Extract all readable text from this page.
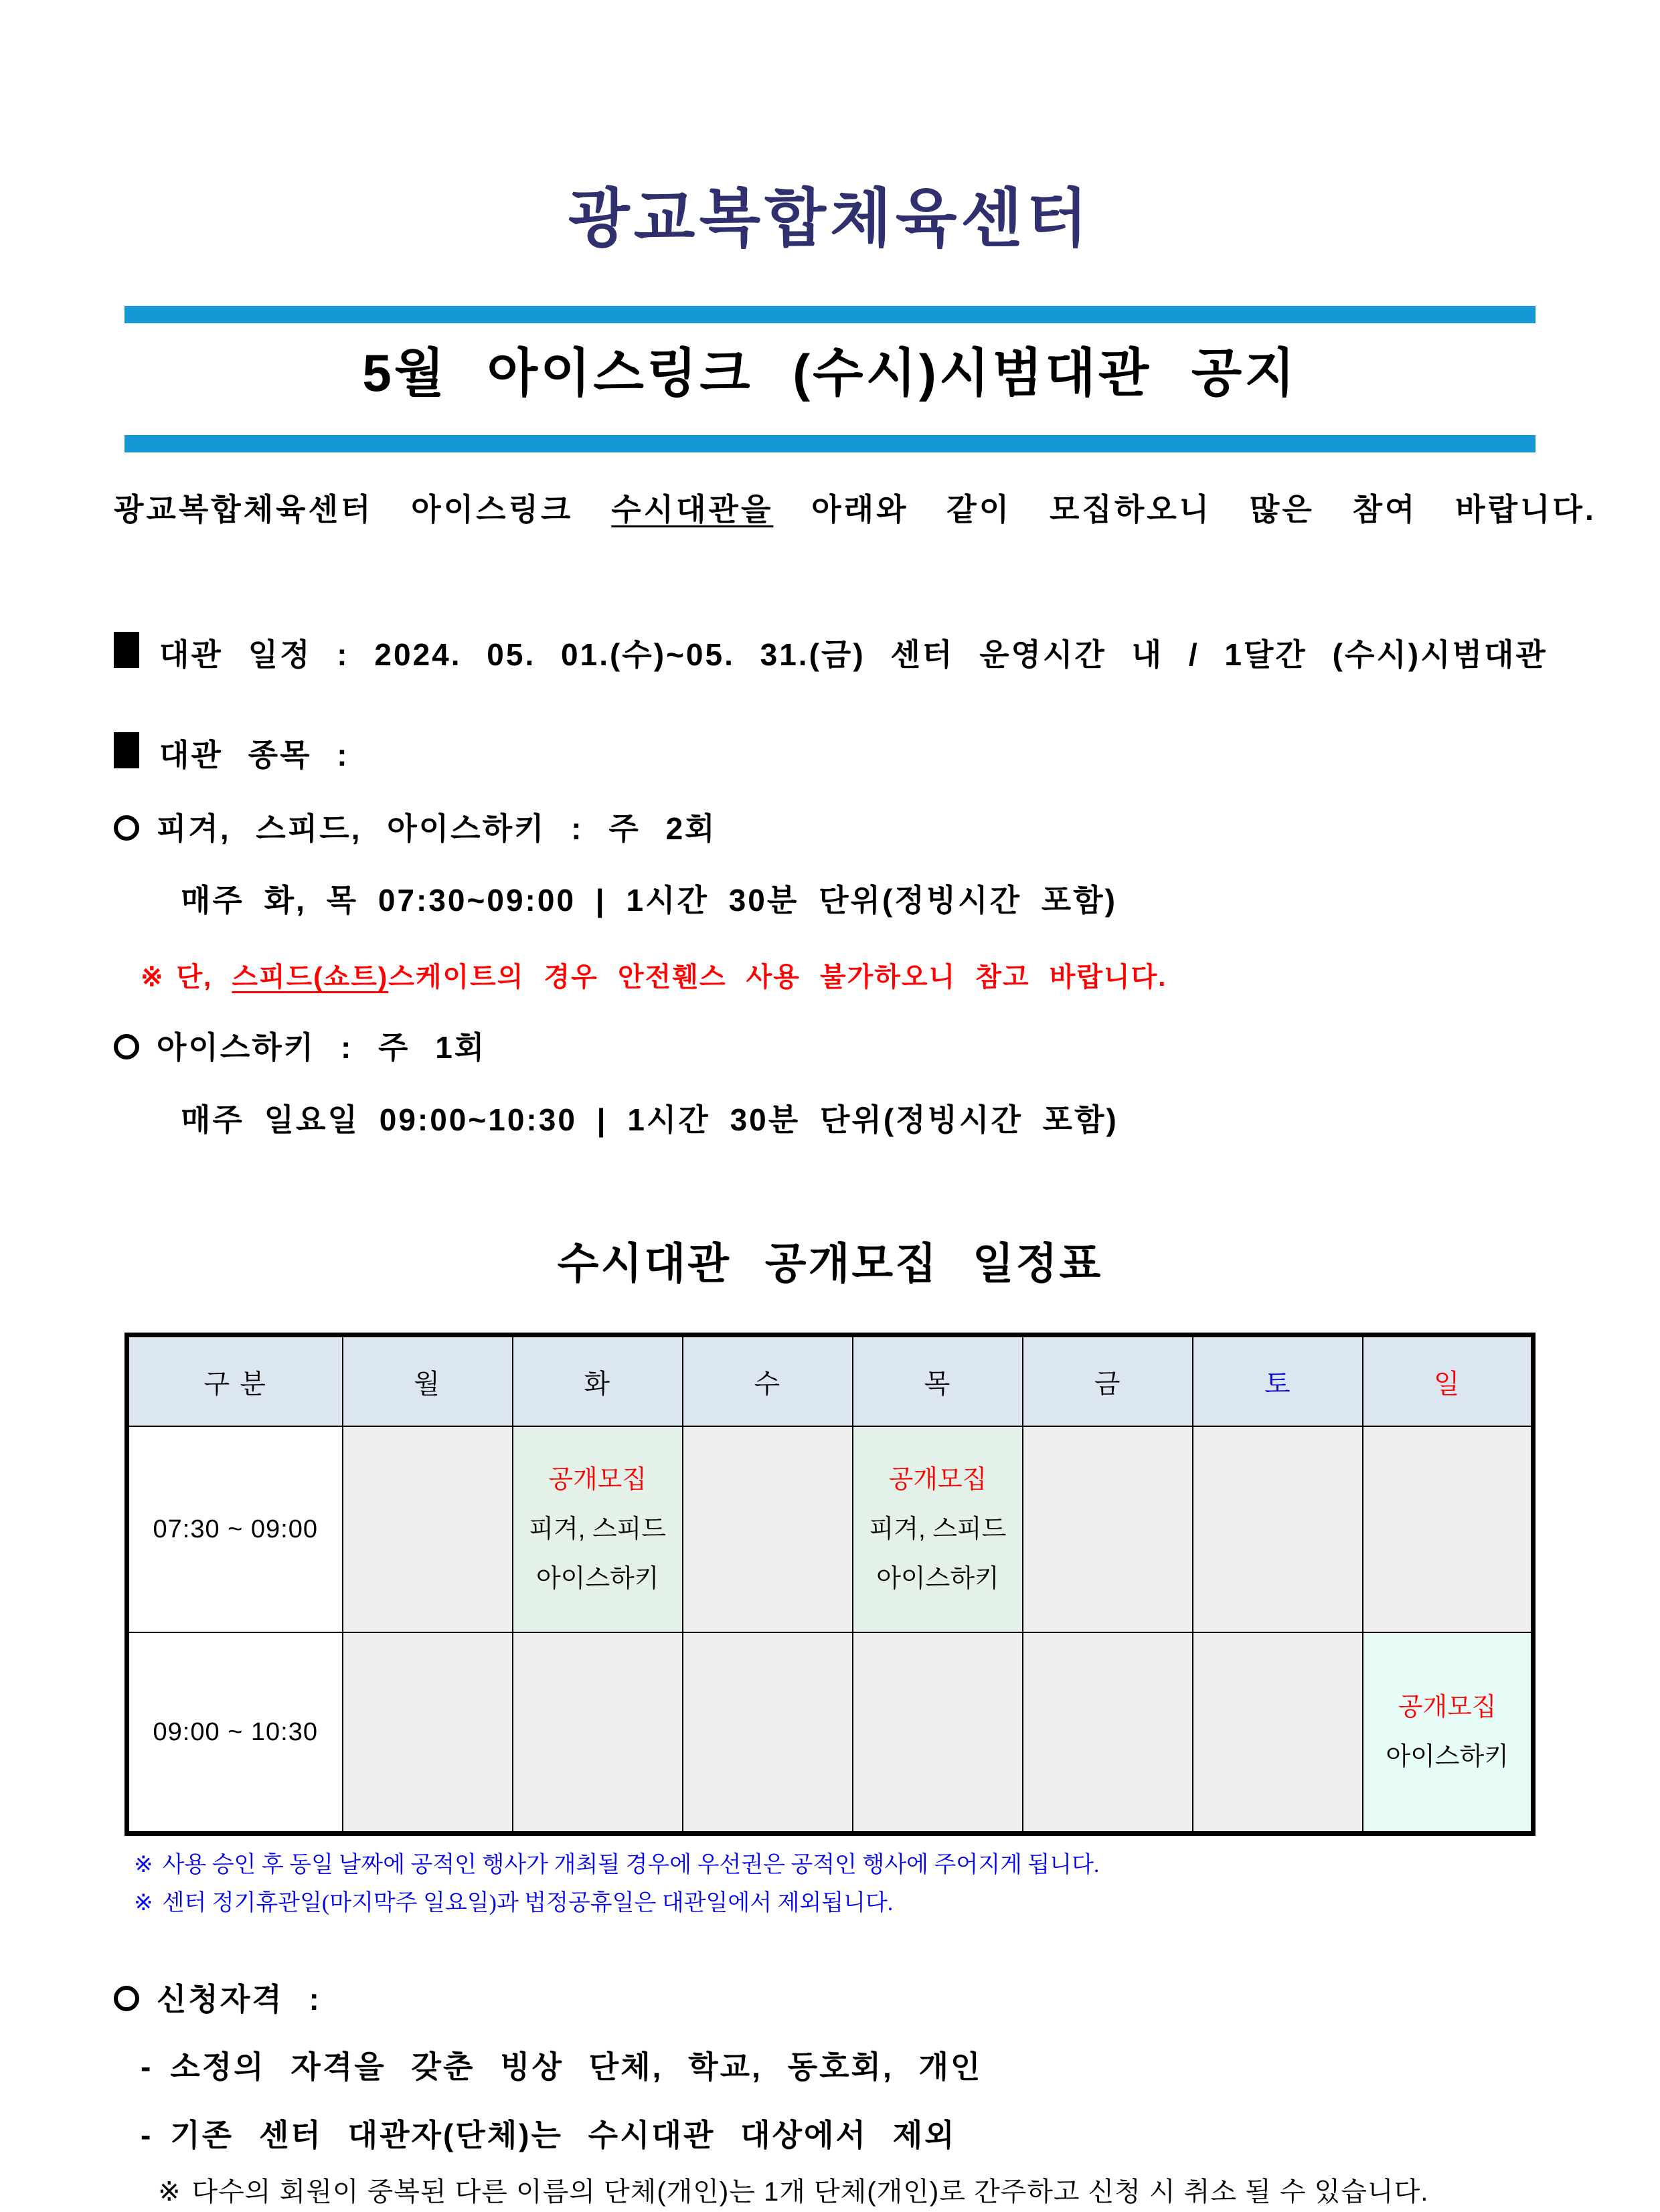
광교복합체육센터
5월 아이스링크 (수시)시범대관 공지

광교복합체육센터 아이스링크 수시대관을 아래와 같이 모집하오니 많은 참여 바랍니다.

대관 일정 : 2024. 05. 01.(수)~05. 31.(금) 센터 운영시간 내 / 1달간 (수시)시범대관

대관 종목 :

피겨, 스피드, 아이스하키 : 주 2회

매주 화, 목 07:30~09:00 | 1시간 30분 단위(정빙시간 포함)

※ 단, 스피드(쇼트)스케이트의 경우 안전휀스 사용 불가하오니 참고 바랍니다.

아이스하키 : 주 1회

매주 일요일 09:00~10:30 | 1시간 30분 단위(정빙시간 포함)

수시대관 공개모집 일정표
구 분	월	화	수	목	금	토	일
07:30 ~ 09:00		공개모집
피겨, 스피드
아이스하키		공개모집
피겨, 스피드
아이스하키			

09:00 ~ 10:30							공개모집
아이스하키

※ 사용 승인 후 동일 날짜에 공적인 행사가 개최될 경우에 우선권은 공적인 행사에 주어지게 됩니다.

※ 센터 정기휴관일(마지막주 일요일)과 법정공휴일은 대관일에서 제외됩니다.

신청자격 :

- 소정의 자격을 갖춘 빙상 단체, 학교, 동호회, 개인

- 기존 센터 대관자(단체)는 수시대관 대상에서 제외

※ 다수의 회원이 중복된 다른 이름의 단체(개인)는 1개 단체(개인)로 간주하고 신청 시 취소 될 수 있습니다.
